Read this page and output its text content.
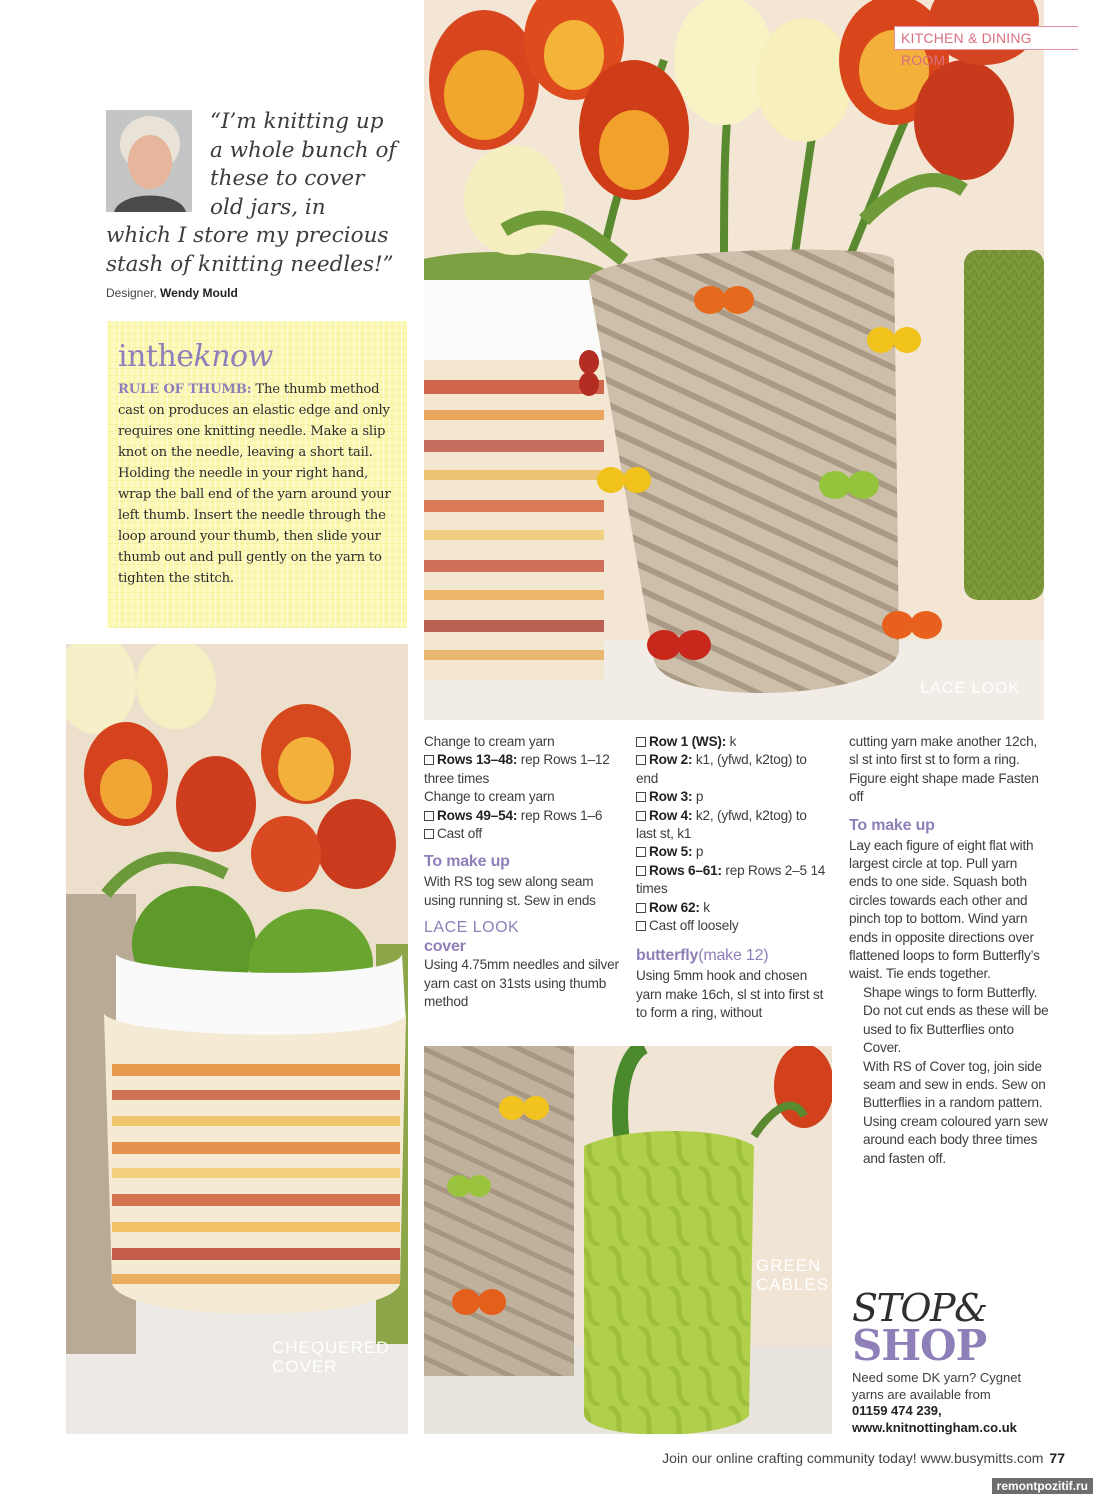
LACE LOOK
KITCHEN & DINING ROOM
“I’m knitting up
a whole bunch of
these to cover
old jars, in
which I store my precious
stash of knitting needles!”
Designer, Wendy Mould
intheknow
RULE OF THUMB: The thumb method cast on produces an elastic edge and only requires one knitting needle. Make a slip knot on the needle, leaving a short tail. Holding the needle in your right hand, wrap the ball end of the yarn around your left thumb. Insert the needle through the loop around your thumb, then slide your thumb out and pull gently on the yarn to tighten the stitch.
CHEQUERED COVER
GREEN CABLES
Change to cream yarn
Rows 13–48: rep Rows 1–12
three times
Change to cream yarn
Rows 49–54: rep Rows 1–6
Cast off
To make up
With RS tog sew along seam using running st. Sew in ends
LACE LOOK
cover
Using 4.75mm needles and silver yarn cast on 31sts using thumb method
Row 1 (WS): k
Row 2: k1, (yfwd, k2tog) to end
Row 3: p
Row 4: k2, (yfwd, k2tog) to last st, k1
Row 5: p
Rows 6–61: rep Rows 2–5 14 times
Row 62: k
Cast off loosely
butterfly(make 12)
Using 5mm hook and chosen yarn make 16ch, sl st into first st to form a ring, without
cutting yarn make another 12ch, sl st into first st to form a ring. Figure eight shape made Fasten off
To make up
Lay each figure of eight flat with largest circle at top. Pull yarn ends to one side. Squash both circles towards each other and pinch top to bottom. Wind yarn ends in opposite directions over flattened loops to form Butterfly’s waist. Tie ends together.
Shape wings to form Butterfly. Do not cut ends as these will be used to fix Butterflies onto Cover.
With RS of Cover tog, join side seam and sew in ends. Sew on Butterflies in a random pattern. Using cream coloured yarn sew around each body three times and fasten off.
STOP&
SHOP
Need some DK yarn? Cygnet yarns are available from
01159 474 239,
www.knitnottingham.co.uk
Join our online crafting community today! www.busymitts.com 77
remontpozitif.ru
